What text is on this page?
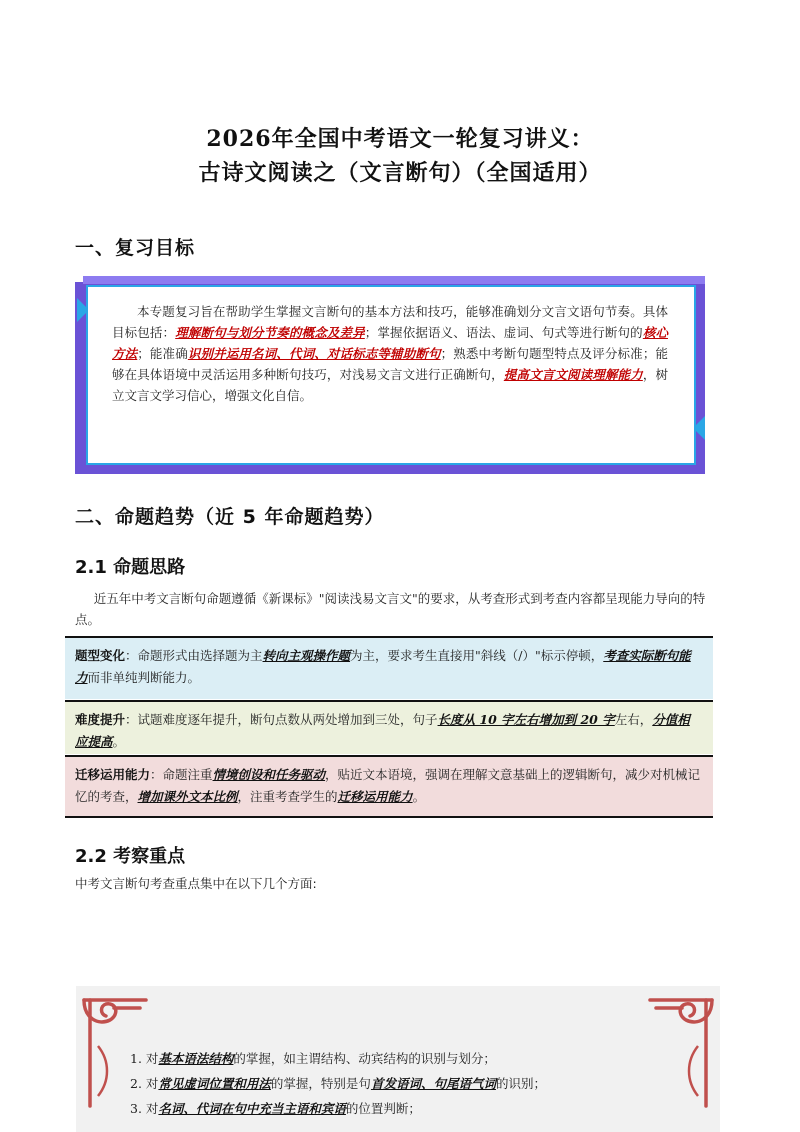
2026年全国中考语文一轮复习讲义：
古诗文阅读之（文言断句）（全国适用）
一、复习目标

本专题复习旨在帮助学生掌握文言断句的基本方法和技巧，能够准确划分文言文语句节奏。具体目标包括：理解断句与划分节奏的概念及差异；掌握依据语义、语法、虚词、句式等进行断句的核心方法；能准确识别并运用名词、代词、对话标志等辅助断句；熟悉中考断句题型特点及评分标准；能够在具体语境中灵活运用多种断句技巧，对浅易文言文进行正确断句，提高文言文阅读理解能力，树立文言文学习信心，增强文化自信。

二、命题趋势（近 5 年命题趋势）
2.1 命题思路
近五年中考文言断句命题遵循《新课标》"阅读浅易文言文"的要求，从考查形式到考查内容都呈现能力导向的特点。
题型变化：命题形式由选择题为主转向主观操作题为主，要求考生直接用"斜线（/）"标示停顿，考查实际断句能力而非单纯判断能力。
难度提升：试题难度逐年提升，断句点数从两处增加到三处，句子长度从 10 字左右增加到 20 字左右，分值相应提高。
迁移运用能力：命题注重情境创设和任务驱动，贴近文本语境，强调在理解文意基础上的逻辑断句，减少对机械记忆的考查，增加课外文本比例，注重考查学生的迁移运用能力。
2.2 考察重点
中考文言断句考查重点集中在以下几个方面:
1. 对基本语法结构的掌握，如主谓结构、动宾结构的识别与划分；
2. 对常见虚词位置和用法的掌握，特别是句首发语词、句尾语气词的识别；
3. 对名词、代词在句中充当主语和宾语的位置判断；
